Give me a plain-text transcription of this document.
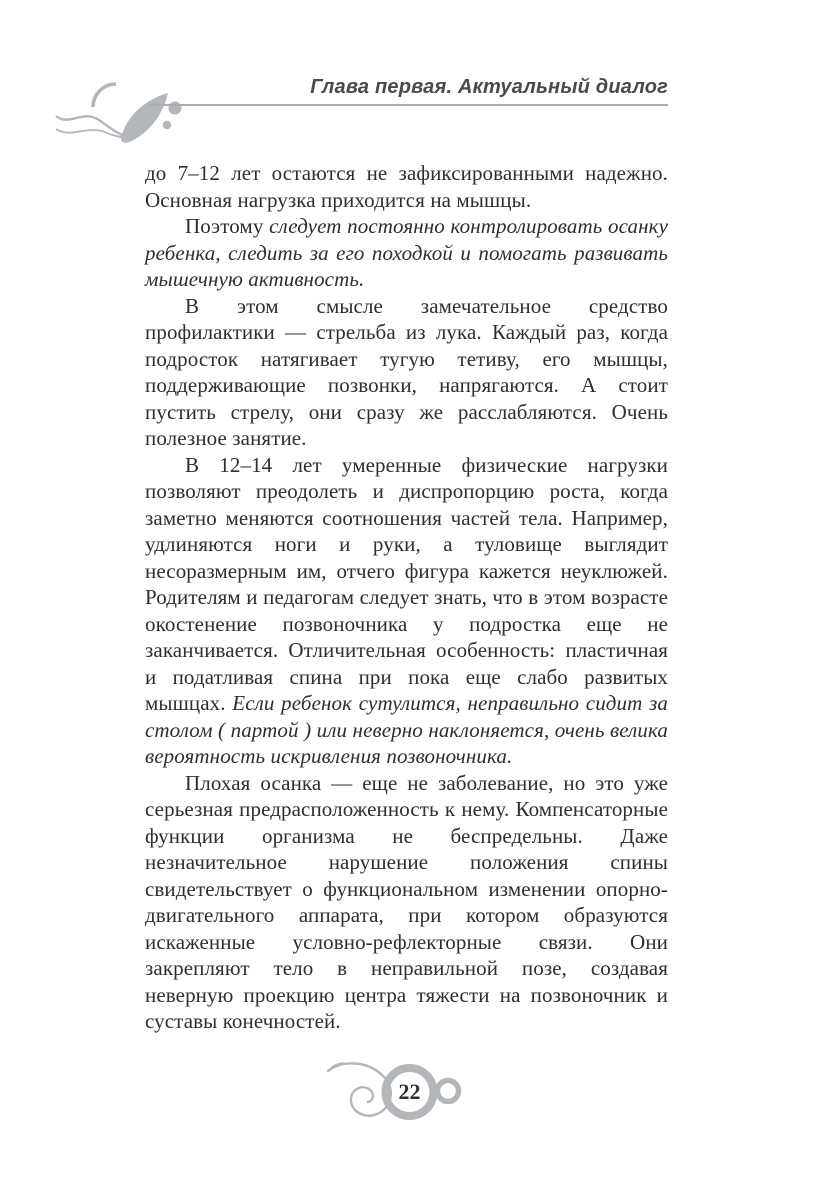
Глава первая. Актуальный диалог

до 7–12 лет остаются не зафиксированными надежно. Основная нагрузка приходится на мышцы.

Поэтому следует постоянно контролировать осанку ребенка, следить за его походкой и помогать развивать мышечную активность.

В этом смысле замечательное средство профилактики — стрельба из лука. Каждый раз, когда подросток натягивает тугую тетиву, его мышцы, поддерживающие позвонки, напрягаются. А стоит пустить стрелу, они сразу же расслабляются. Очень полезное занятие.

В 12–14 лет умеренные физические нагрузки позволяют преодолеть и диспропорцию роста, когда заметно меняются соотношения частей тела. Например, удлиняются ноги и руки, а туловище выглядит несоразмерным им, отчего фигура кажется неуклюжей. Родителям и педагогам следует знать, что в этом возрасте окостенение позвоночника у подростка еще не заканчивается. Отличительная особенность: пластичная и податливая спина при пока еще слабо развитых мышцах. Если ребенок сутулится, неправильно сидит за столом ( партой ) или неверно наклоняется, очень велика вероятность искривления позвоночника.

Плохая осанка — еще не заболевание, но это уже серьезная предрасположенность к нему. Компенсаторные функции организма не беспредельны. Даже незначительное нарушение положения спины свидетельствует о функциональном изменении опорно-двигательного аппарата, при котором образуются искаженные условно-рефлекторные связи. Они закрепляют тело в неправильной позе, создавая неверную проекцию центра тяжести на позвоночник и суставы конечностей.

22
